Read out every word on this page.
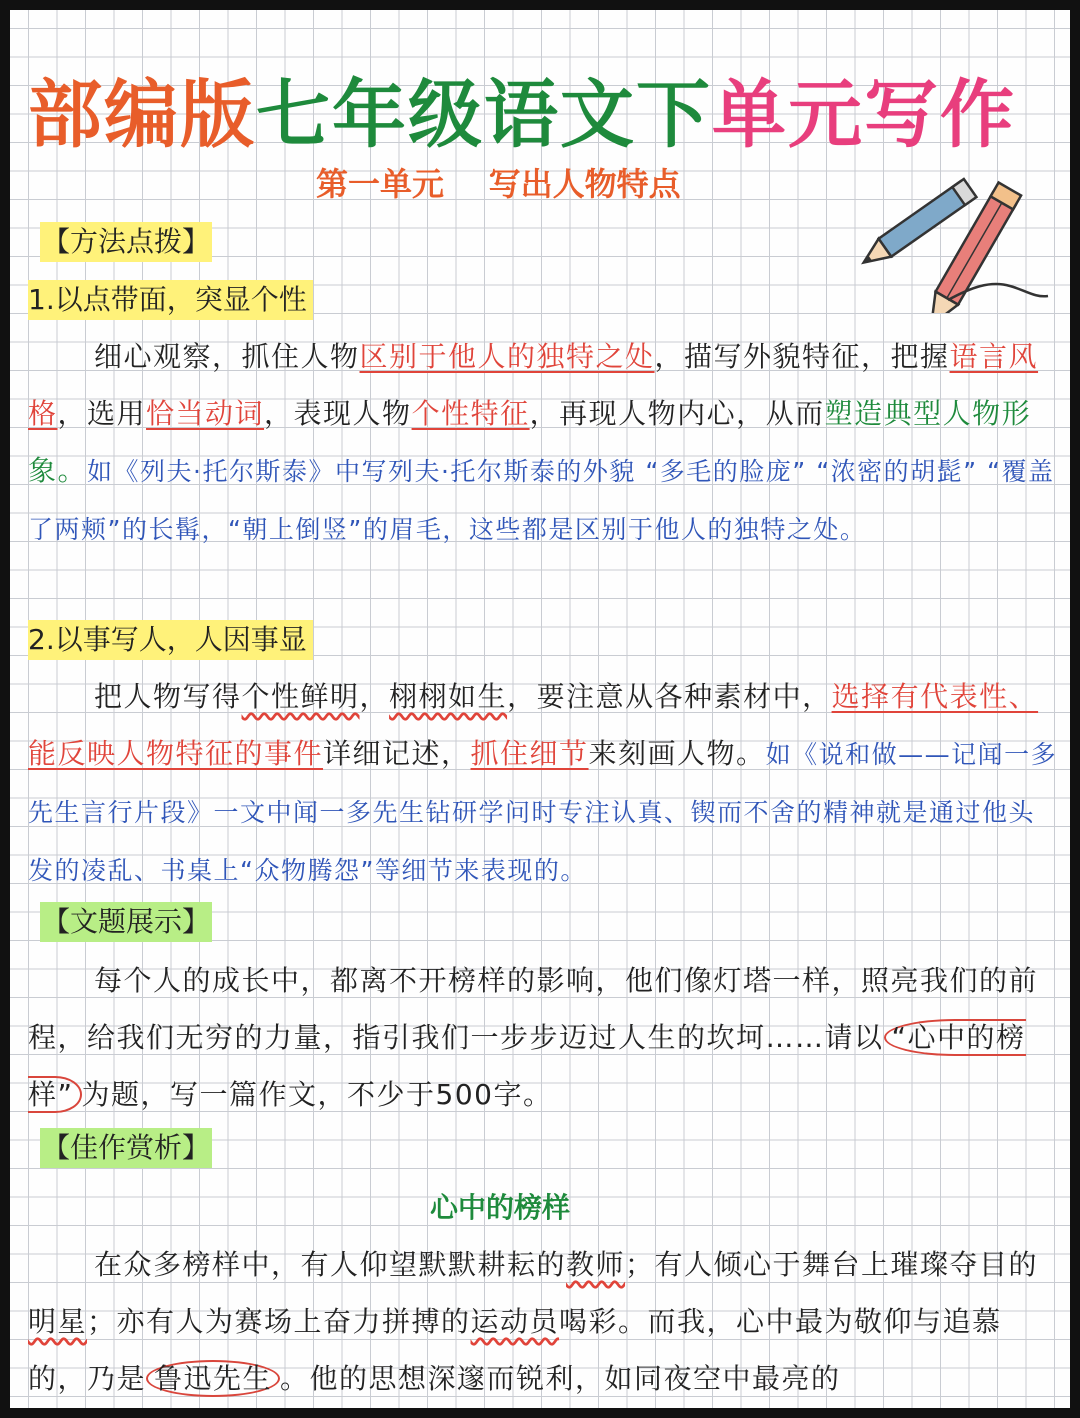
部编版七年级语文下单元写作
第一单元    写出人物特点
【方法点拨】
1.以点带面，突显个性

细心观察，抓住人物区别于他人的独特之处，描写外貌特征，把握语言风格，选用恰当动词，表现人物个性特征，再现人物内心，从而塑造典型人物形象。如《列夫·托尔斯泰》中写列夫·托尔斯泰的外貌 “多毛的脸庞” “浓密的胡髭” “覆盖了两颊”的长髯，“朝上倒竖”的眉毛，这些都是区别于他人的独特之处。

2.以事写人，人因事显

把人物写得个性鲜明，栩栩如生，要注意从各种素材中，选择有代表性、能反映人物特征的事件详细记述，抓住细节来刻画人物。如《说和做——记闻一多先生言行片段》一文中闻一多先生钻研学问时专注认真、锲而不舍的精神就是通过他头发的凌乱、书桌上“众物腾怨”等细节来表现的。

【文题展示】

每个人的成长中，都离不开榜样的影响，他们像灯塔一样，照亮我们的前程，给我们无穷的力量，指引我们一步步迈过人生的坎坷……请以 “心中的榜样” 为题，写一篇作文，不少于500字。

【佳作赏析】
心中的榜样

在众多榜样中，有人仰望默默耕耘的教师；有人倾心于舞台上璀璨夺目的明星；亦有人为赛场上奋力拼搏的运动员喝彩。而我，心中最为敬仰与追慕的，乃是 鲁迅先生 。他的思想深邃而锐利，如同夜空中最亮的
